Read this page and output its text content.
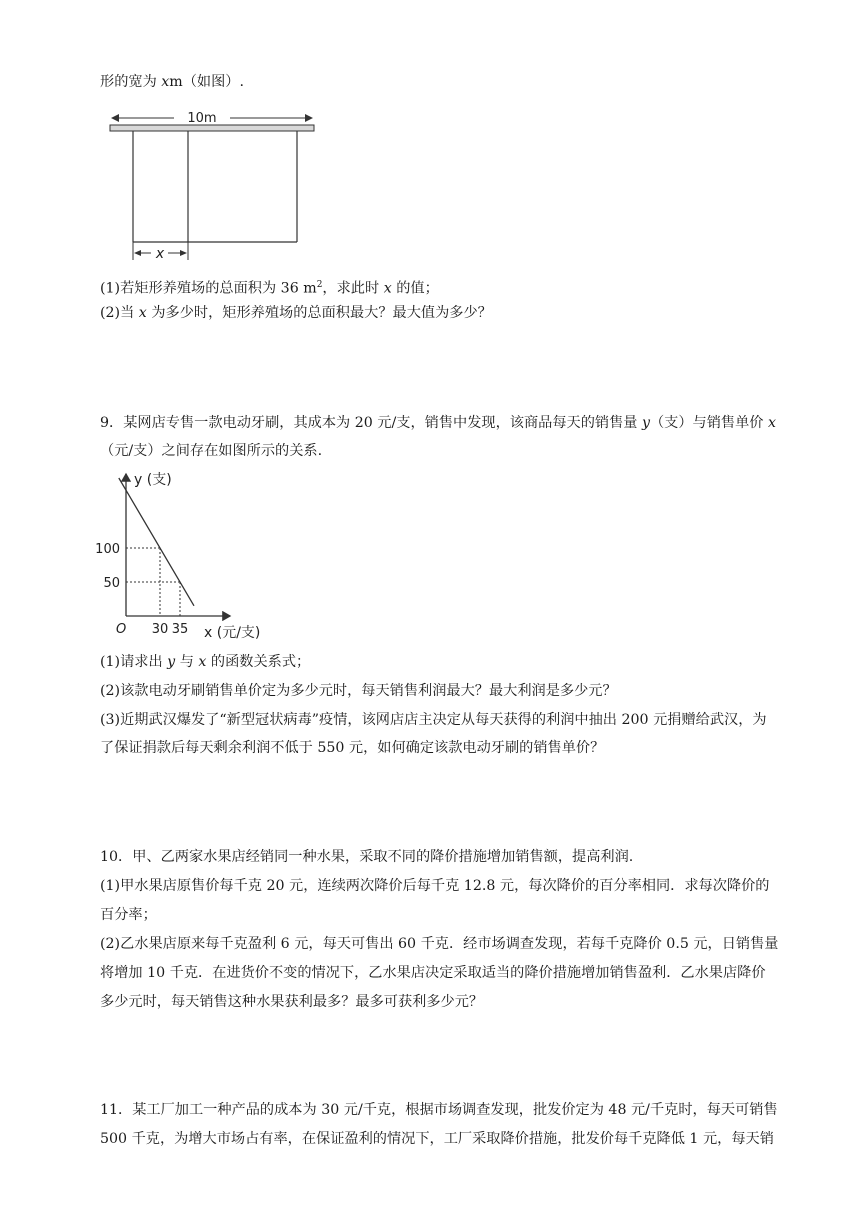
形的宽为 xm（如图）.
10m
x
(1)若矩形养殖场的总面积为 36 $m^2$，求此时 x 的值；
(2)当 x 为多少时，矩形养殖场的总面积最大？最大值为多少？
9．某网店专售一款电动牙刷，其成本为 20 元/支，销售中发现，该商品每天的销售量 y（支）与销售单价 x
（元/支）之间存在如图所示的关系.
y (支)
x (元/支)
O 30 35
100
50
(1)请求出 y 与 x 的函数关系式；
(2)该款电动牙刷销售单价定为多少元时，每天销售利润最大？最大利润是多少元？
(3)近期武汉爆发了“新型冠状病毒”疫情，该网店店主决定从每天获得的利润中抽出 200 元捐赠给武汉，为
了保证捐款后每天剩余利润不低于 550 元，如何确定该款电动牙刷的销售单价？
10．甲、乙两家水果店经销同一种水果，采取不同的降价措施增加销售额，提高利润.
(1)甲水果店原售价每千克 20 元，连续两次降价后每千克 12.8 元，每次降价的百分率相同．求每次降价的
百分率；
(2)乙水果店原来每千克盈利 6 元，每天可售出 60 千克．经市场调查发现，若每千克降价 0.5 元，日销售量
将增加 10 千克．在进货价不变的情况下，乙水果店决定采取适当的降价措施增加销售盈利．乙水果店降价
多少元时，每天销售这种水果获利最多？最多可获利多少元？
11．某工厂加工一种产品的成本为 30 元/千克，根据市场调查发现，批发价定为 48 元/千克时，每天可销售
500 千克，为增大市场占有率，在保证盈利的情况下，工厂采取降价措施，批发价每千克降低 1 元，每天销
